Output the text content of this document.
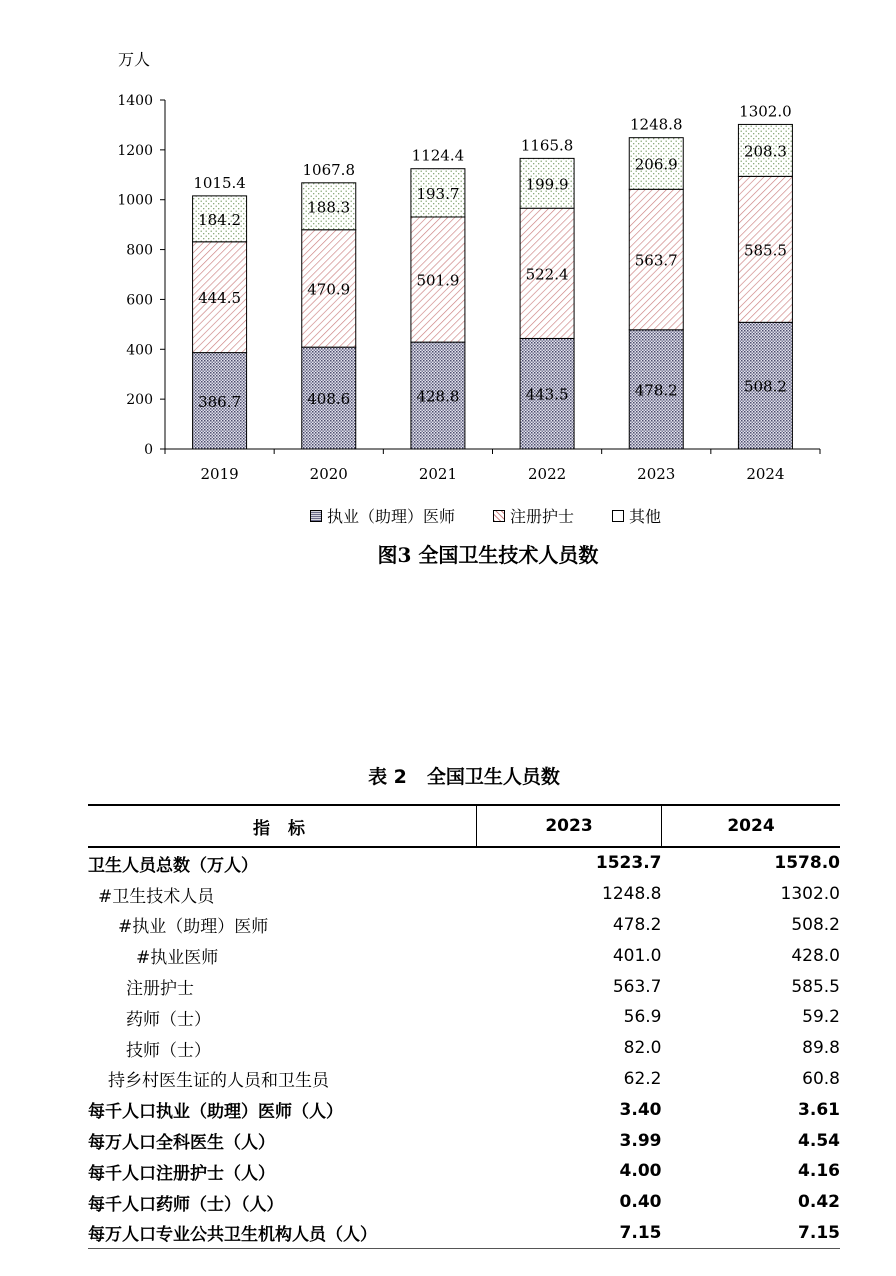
万人
0
200
400
600
800
1000
1200
1400
386.7
444.5
184.2
1015.4
2019
408.6
470.9
188.3
1067.8
2020
428.8
501.9
193.7
1124.4
2021
443.5
522.4
199.9
1165.8
2022
478.2
563.7
206.9
1248.8
2023
508.2
585.5
208.3
1302.0
2024
执业（助理）医师	注册护士	其他
图3 全国卫生技术人员数
表 2 全国卫生人员数
指 标	2023	2024
卫生人员总数（万人）	1523.7	1578.0
#卫生技术人员	1248.8	1302.0
#执业（助理）医师	478.2	508.2
#执业医师	401.0	428.0
注册护士	563.7	585.5
药师（士）	56.9	59.2
技师（士）	82.0	89.8
持乡村医生证的人员和卫生员	62.2	60.8
每千人口执业（助理）医师（人）	3.40	3.61
每万人口全科医生（人）	3.99	4.54
每千人口注册护士（人）	4.00	4.16
每千人口药师（士）（人）	0.40	0.42
每万人口专业公共卫生机构人员（人）	7.15	7.15
